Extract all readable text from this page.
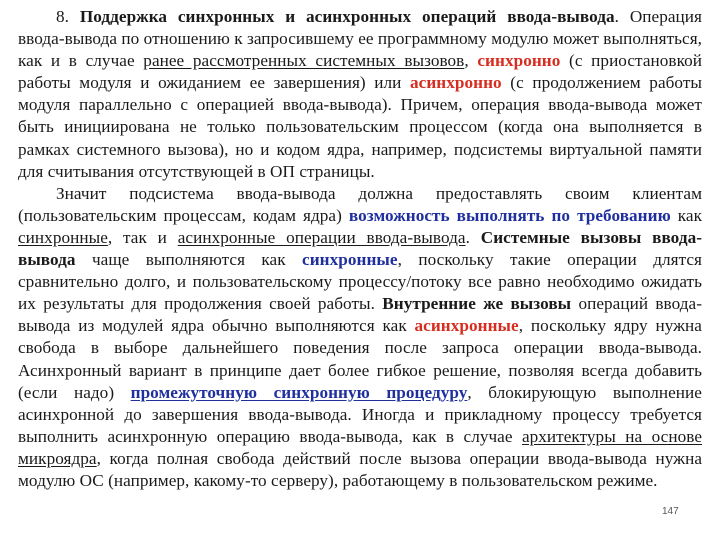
8. Поддержка синхронных и асинхронных операций ввода-вывода. Операция ввода-вывода по отношению к запросившему ее программному модулю может выполняться, как и в случае ранее рассмотренных системных вызовов, синхронно (с приостановкой работы модуля и ожиданием ее завершения) или асинхронно (с продолжением работы модуля параллельно с операцией ввода-вывода). Причем, операция ввода-вывода может быть инициирована не только пользовательским процессом (когда она выполняется в рамках системного вызова), но и кодом ядра, например, подсистемы виртуальной памяти для считывания отсутствующей в ОП страницы.

Значит подсистема ввода-вывода должна предоставлять своим клиентам (пользовательским процессам, кодам ядра) возможность выполнять по требованию как синхронные, так и асинхронные операции ввода-вывода. Системные вызовы ввода-вывода чаще выполняются как синхронные, поскольку такие операции длятся сравнительно долго, и пользовательскому процессу/потоку все равно необходимо ожидать их результаты для продолжения своей работы. Внутренние же вызовы операций ввода-вывода из модулей ядра обычно выполняются как асинхронные, поскольку ядру нужна свобода в выборе дальнейшего поведения после запроса операции ввода-вывода. Асинхронный вариант в принципе дает более гибкое решение, позволяя всегда добавить (если надо) промежуточную синхронную процедуру, блокирующую выполнение асинхронной до завершения ввода-вывода. Иногда и прикладному процессу требуется выполнить асинхронную операцию ввода-вывода, как в случае архитектуры на основе микроядра, когда полная свобода действий после вызова операции ввода-вывода нужна модулю ОС (например, какому-то серверу), работающему в пользовательском режиме.

147
